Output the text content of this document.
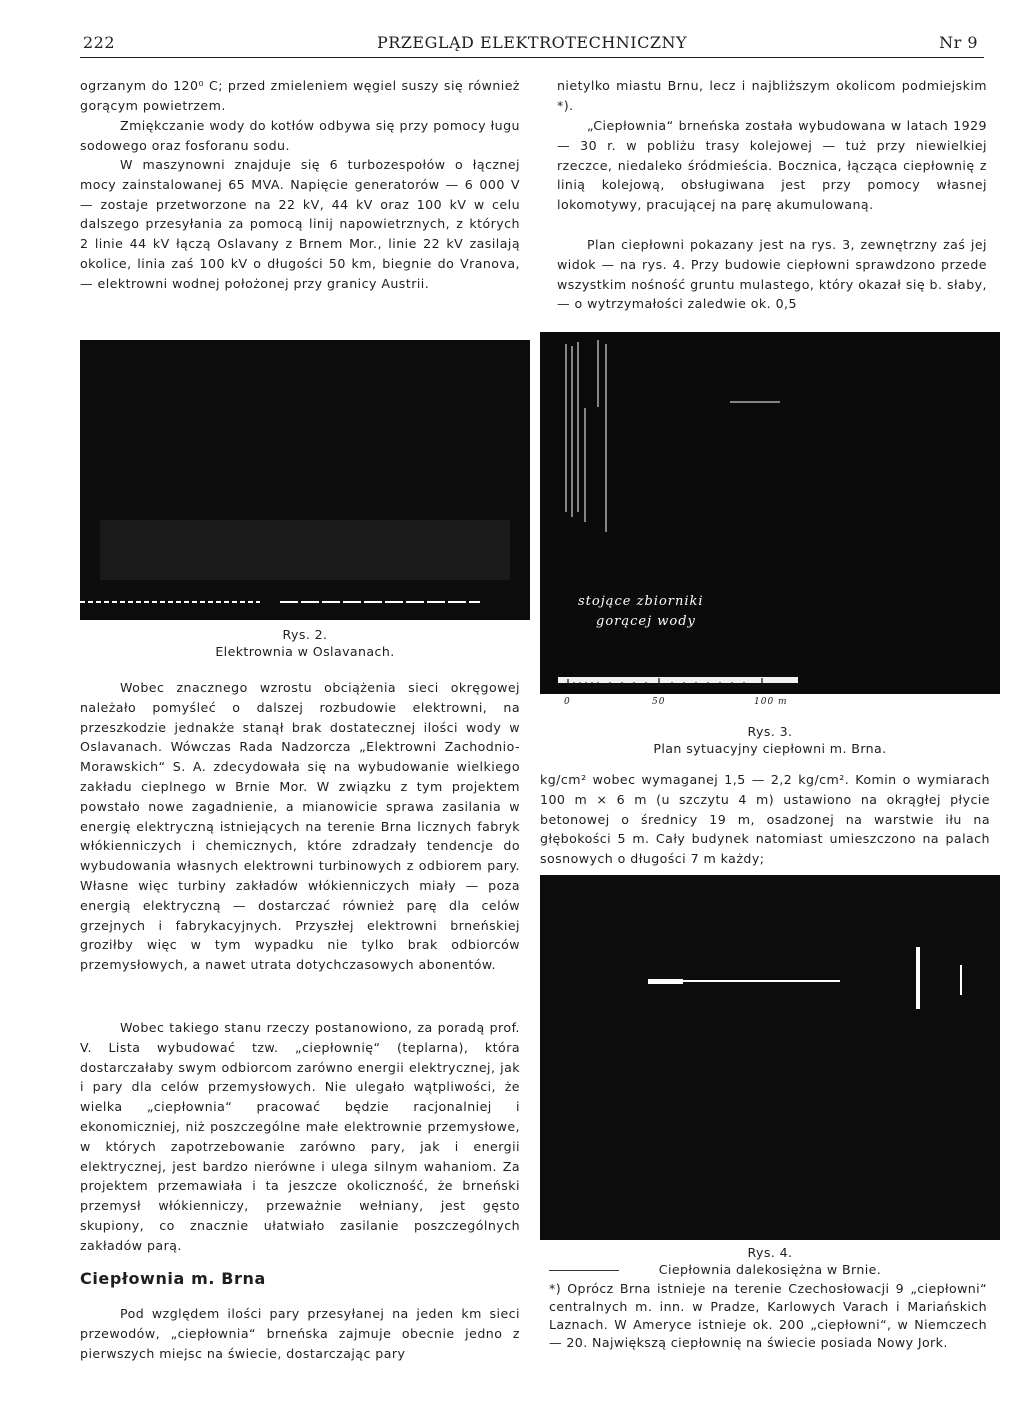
222	PRZEGLĄD ELEKTROTECHNICZNY	Nr 9

ogrzanym do 120⁰ C; przed zmieleniem węgiel suszy się również gorącym powietrzem.

Zmiękczanie wody do kotłów odbywa się przy pomocy ługu sodowego oraz fosforanu sodu.

W maszynowni znajduje się 6 turbozespołów o łącznej mocy zainstalowanej 65 MVA. Napięcie generatorów — 6 000 V — zostaje przetworzone na 22 kV, 44 kV oraz 100 kV w celu dalszego przesyłania za pomocą linij napowietrznych, z których 2 linie 44 kV łączą Oslavany z Brnem Mor., linie 22 kV zasilają okolice, linia zaś 100 kV o długości 50 km, biegnie do Vranova, — elektrowni wodnej położonej przy granicy Austrii.

nietylko miastu Brnu, lecz i najbliższym okolicom podmiejskim *).

„Ciepłownia“ brneńska została wybudowana w latach 1929 — 30 r. w pobliżu trasy kolejowej — tuż przy niewielkiej rzeczce, niedaleko śródmieścia. Bocznica, łącząca ciepłownię z linią kolejową, obsługiwana jest przy pomocy własnej lokomotywy, pracującej na parę akumulowaną.

Plan ciepłowni pokazany jest na rys. 3, zewnętrzny zaś jej widok — na rys. 4. Przy budowie ciepłowni sprawdzono przede wszystkim nośność gruntu mulastego, który okazał się b. słaby, — o wytrzymałości zaledwie ok. 0,5

stojące zbiorniki
gorącej wody
0	50	100 m
Rys. 2.
Elektrownia w Oslavanach.
Rys. 3.
Plan sytuacyjny ciepłowni m. Brna.

Wobec znacznego wzrostu obciążenia sieci okręgowej należało pomyśleć o dalszej rozbudowie elektrowni, na przeszkodzie jednakże stanął brak dostatecznej ilości wody w Oslavanach. Wówczas Rada Nadzorcza „Elektrowni Zachodnio-Morawskich“ S. A. zdecydowała się na wybudowanie wielkiego zakładu cieplnego w Brnie Mor. W związku z tym projektem powstało nowe zagadnienie, a mianowicie sprawa zasilania w energię elektryczną istniejących na terenie Brna licznych fabryk włókienniczych i chemicznych, które zdradzały tendencje do wybudowania własnych elektrowni turbinowych z odbiorem pary. Własne więc turbiny zakładów włókienniczych miały — poza energią elektryczną — dostarczać również parę dla celów grzejnych i fabrykacyjnych. Przyszłej elektrowni brneńskiej groziłby więc w tym wypadku nie tylko brak odbiorców przemysłowych, a nawet utrata dotychczasowych abonentów.

Wobec takiego stanu rzeczy postanowiono, za poradą prof. V. Lista wybudować tzw. „ciepłownię“ (teplarna), która dostarczałaby swym odbiorcom zarówno energii elektrycznej, jak i pary dla celów przemysłowych. Nie ulegało wątpliwości, że wielka „ciepłownia“ pracować będzie racjonalniej i ekonomiczniej, niż poszczególne małe elektrownie przemysłowe, w których zapotrzebowanie zarówno pary, jak i energii elektrycznej, jest bardzo nierówne i ulega silnym wahaniom. Za projektem przemawiała i ta jeszcze okoliczność, że brneński przemysł włókienniczy, przeważnie wełniany, jest gęsto skupiony, co znacznie ułatwiało zasilanie poszczególnych zakładów parą.

Ciepłownia m. Brna

Pod względem ilości pary przesyłanej na jeden km sieci przewodów, „ciepłownia“ brneńska zajmuje obecnie jedno z pierwszych miejsc na świecie, dostarczając pary

kg/cm² wobec wymaganej 1,5 — 2,2 kg/cm². Komin o wymiarach 100 m × 6 m (u szczytu 4 m) ustawiono na okrągłej płycie betonowej o średnicy 19 m, osadzonej na warstwie iłu na głębokości 5 m. Cały budynek natomiast umieszczono na palach sosnowych o długości 7 m każdy;

Rys. 4.
Ciepłownia dalekosiężna w Brnie.

*) Oprócz Brna istnieje na terenie Czechosłowacji 9 „ciepłowni“ centralnych m. inn. w Pradze, Karlowych Varach i Mariańskich Laznach. W Ameryce istnieje ok. 200 „ciepłowni“, w Niemczech — 20. Największą ciepłownię na świecie posiada Nowy Jork.
